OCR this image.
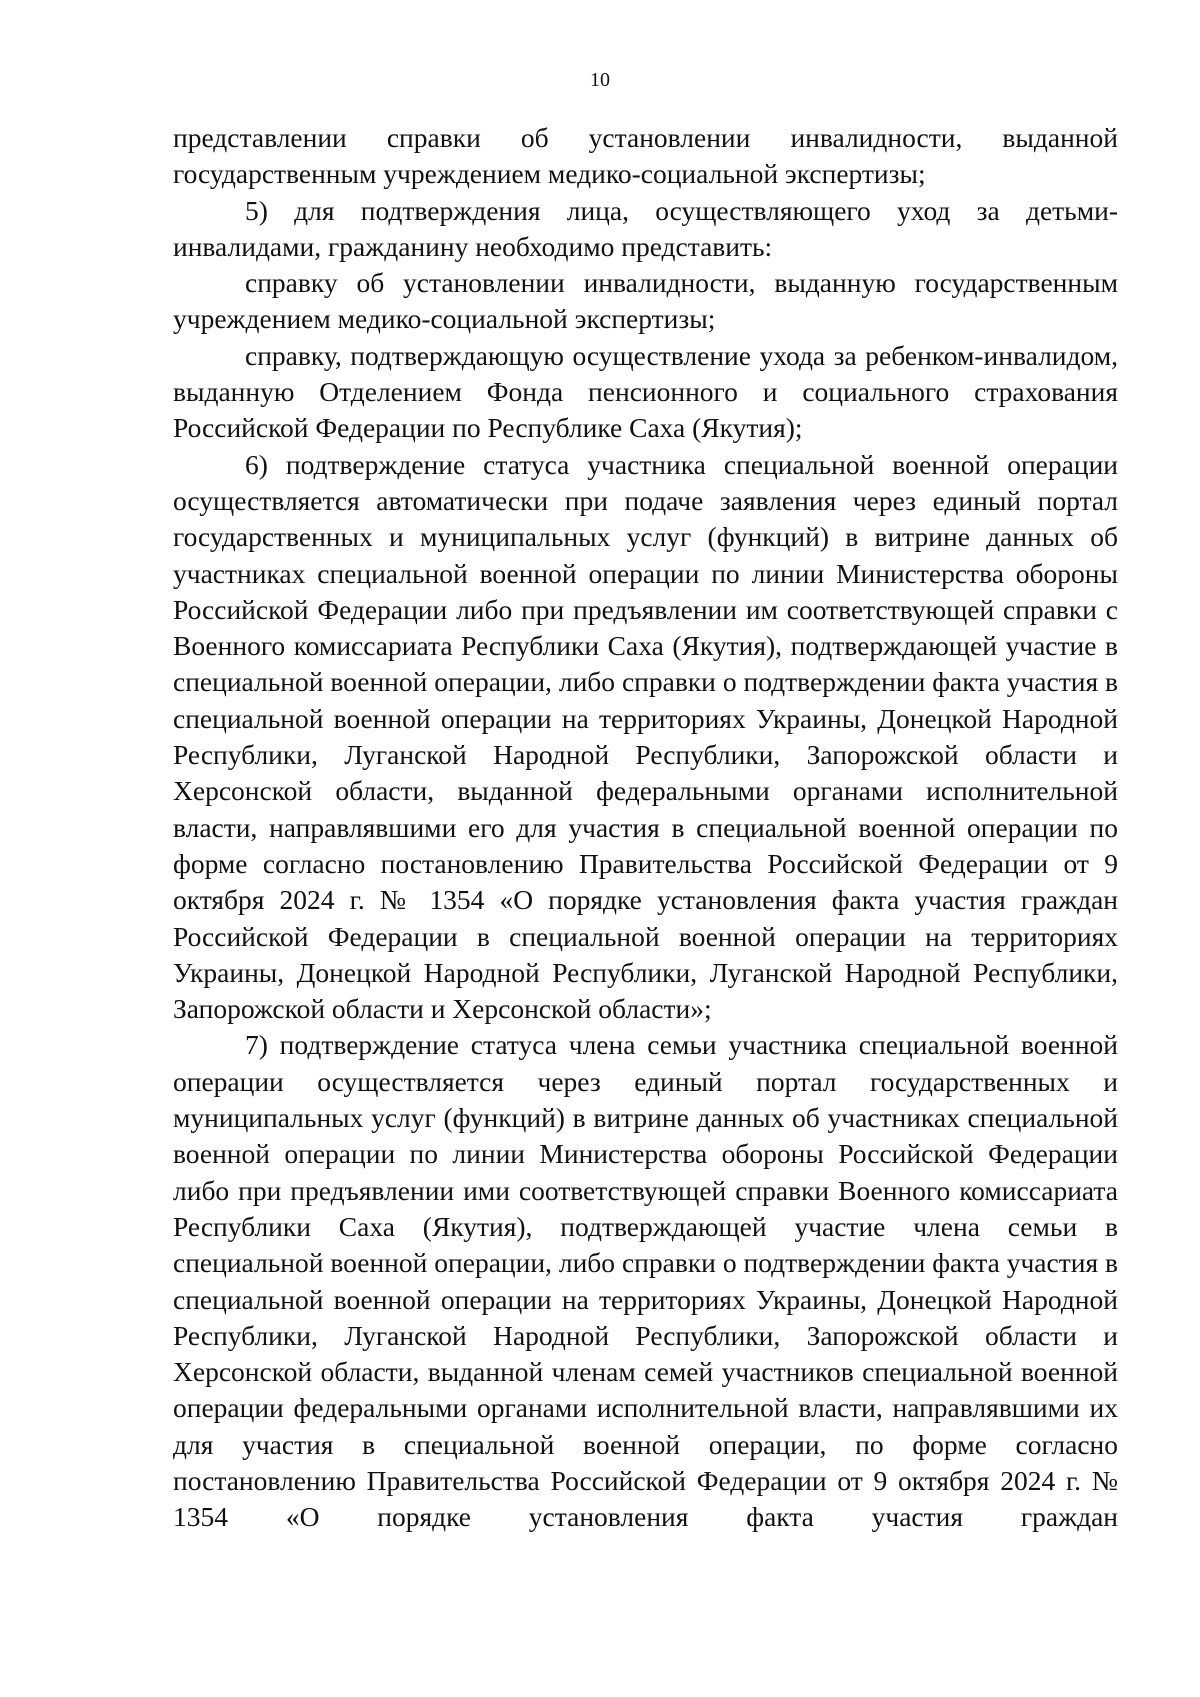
10

представлении справки об установлении инвалидности, выданной государственным учреждением медико-социальной экспертизы;

5) для подтверждения лица, осуществляющего уход за детьми-инвалидами, гражданину необходимо представить:

справку об установлении инвалидности, выданную государственным учреждением медико-социальной экспертизы;

справку, подтверждающую осуществление ухода за ребенком-инвалидом, выданную Отделением Фонда пенсионного и социального страхования Российской Федерации по Республике Саха (Якутия);

6) подтверждение статуса участника специальной военной операции осуществляется автоматически при подаче заявления через единый портал государственных и муниципальных услуг (функций) в витрине данных об участниках специальной военной операции по линии Министерства обороны Российской Федерации либо при предъявлении им соответствующей справки с Военного комиссариата Республики Саха (Якутия), подтверждающей участие в специальной военной операции, либо справки о подтверждении факта участия в специальной военной операции на территориях Украины, Донецкой Народной Республики, Луганской Народной Республики, Запорожской области и Херсонской области, выданной федеральными органами исполнительной власти, направлявшими его для участия в специальной военной операции по форме согласно постановлению Правительства Российской Федерации от 9 октября 2024 г. № 1354 «О порядке установления факта участия граждан Российской Федерации в специальной военной операции на территориях Украины, Донецкой Народной Республики, Луганской Народной Республики, Запорожской области и Херсонской области»;

7) подтверждение статуса члена семьи участника специальной военной операции осуществляется через единый портал государственных и муниципальных услуг (функций) в витрине данных об участниках специальной военной операции по линии Министерства обороны Российской Федерации либо при предъявлении ими соответствующей справки Военного комиссариата Республики Саха (Якутия), подтверждающей участие члена семьи в специальной военной операции, либо справки о подтверждении факта участия в специальной военной операции на территориях Украины, Донецкой Народной Республики, Луганской Народной Республики, Запорожской области и Херсонской области, выданной членам семей участников специальной военной операции федеральными органами исполнительной власти, направлявшими их для участия в специальной военной операции, по форме согласно постановлению Правительства Российской Федерации от 9 октября 2024 г. № 1354 «О порядке установления факта участия граждан
